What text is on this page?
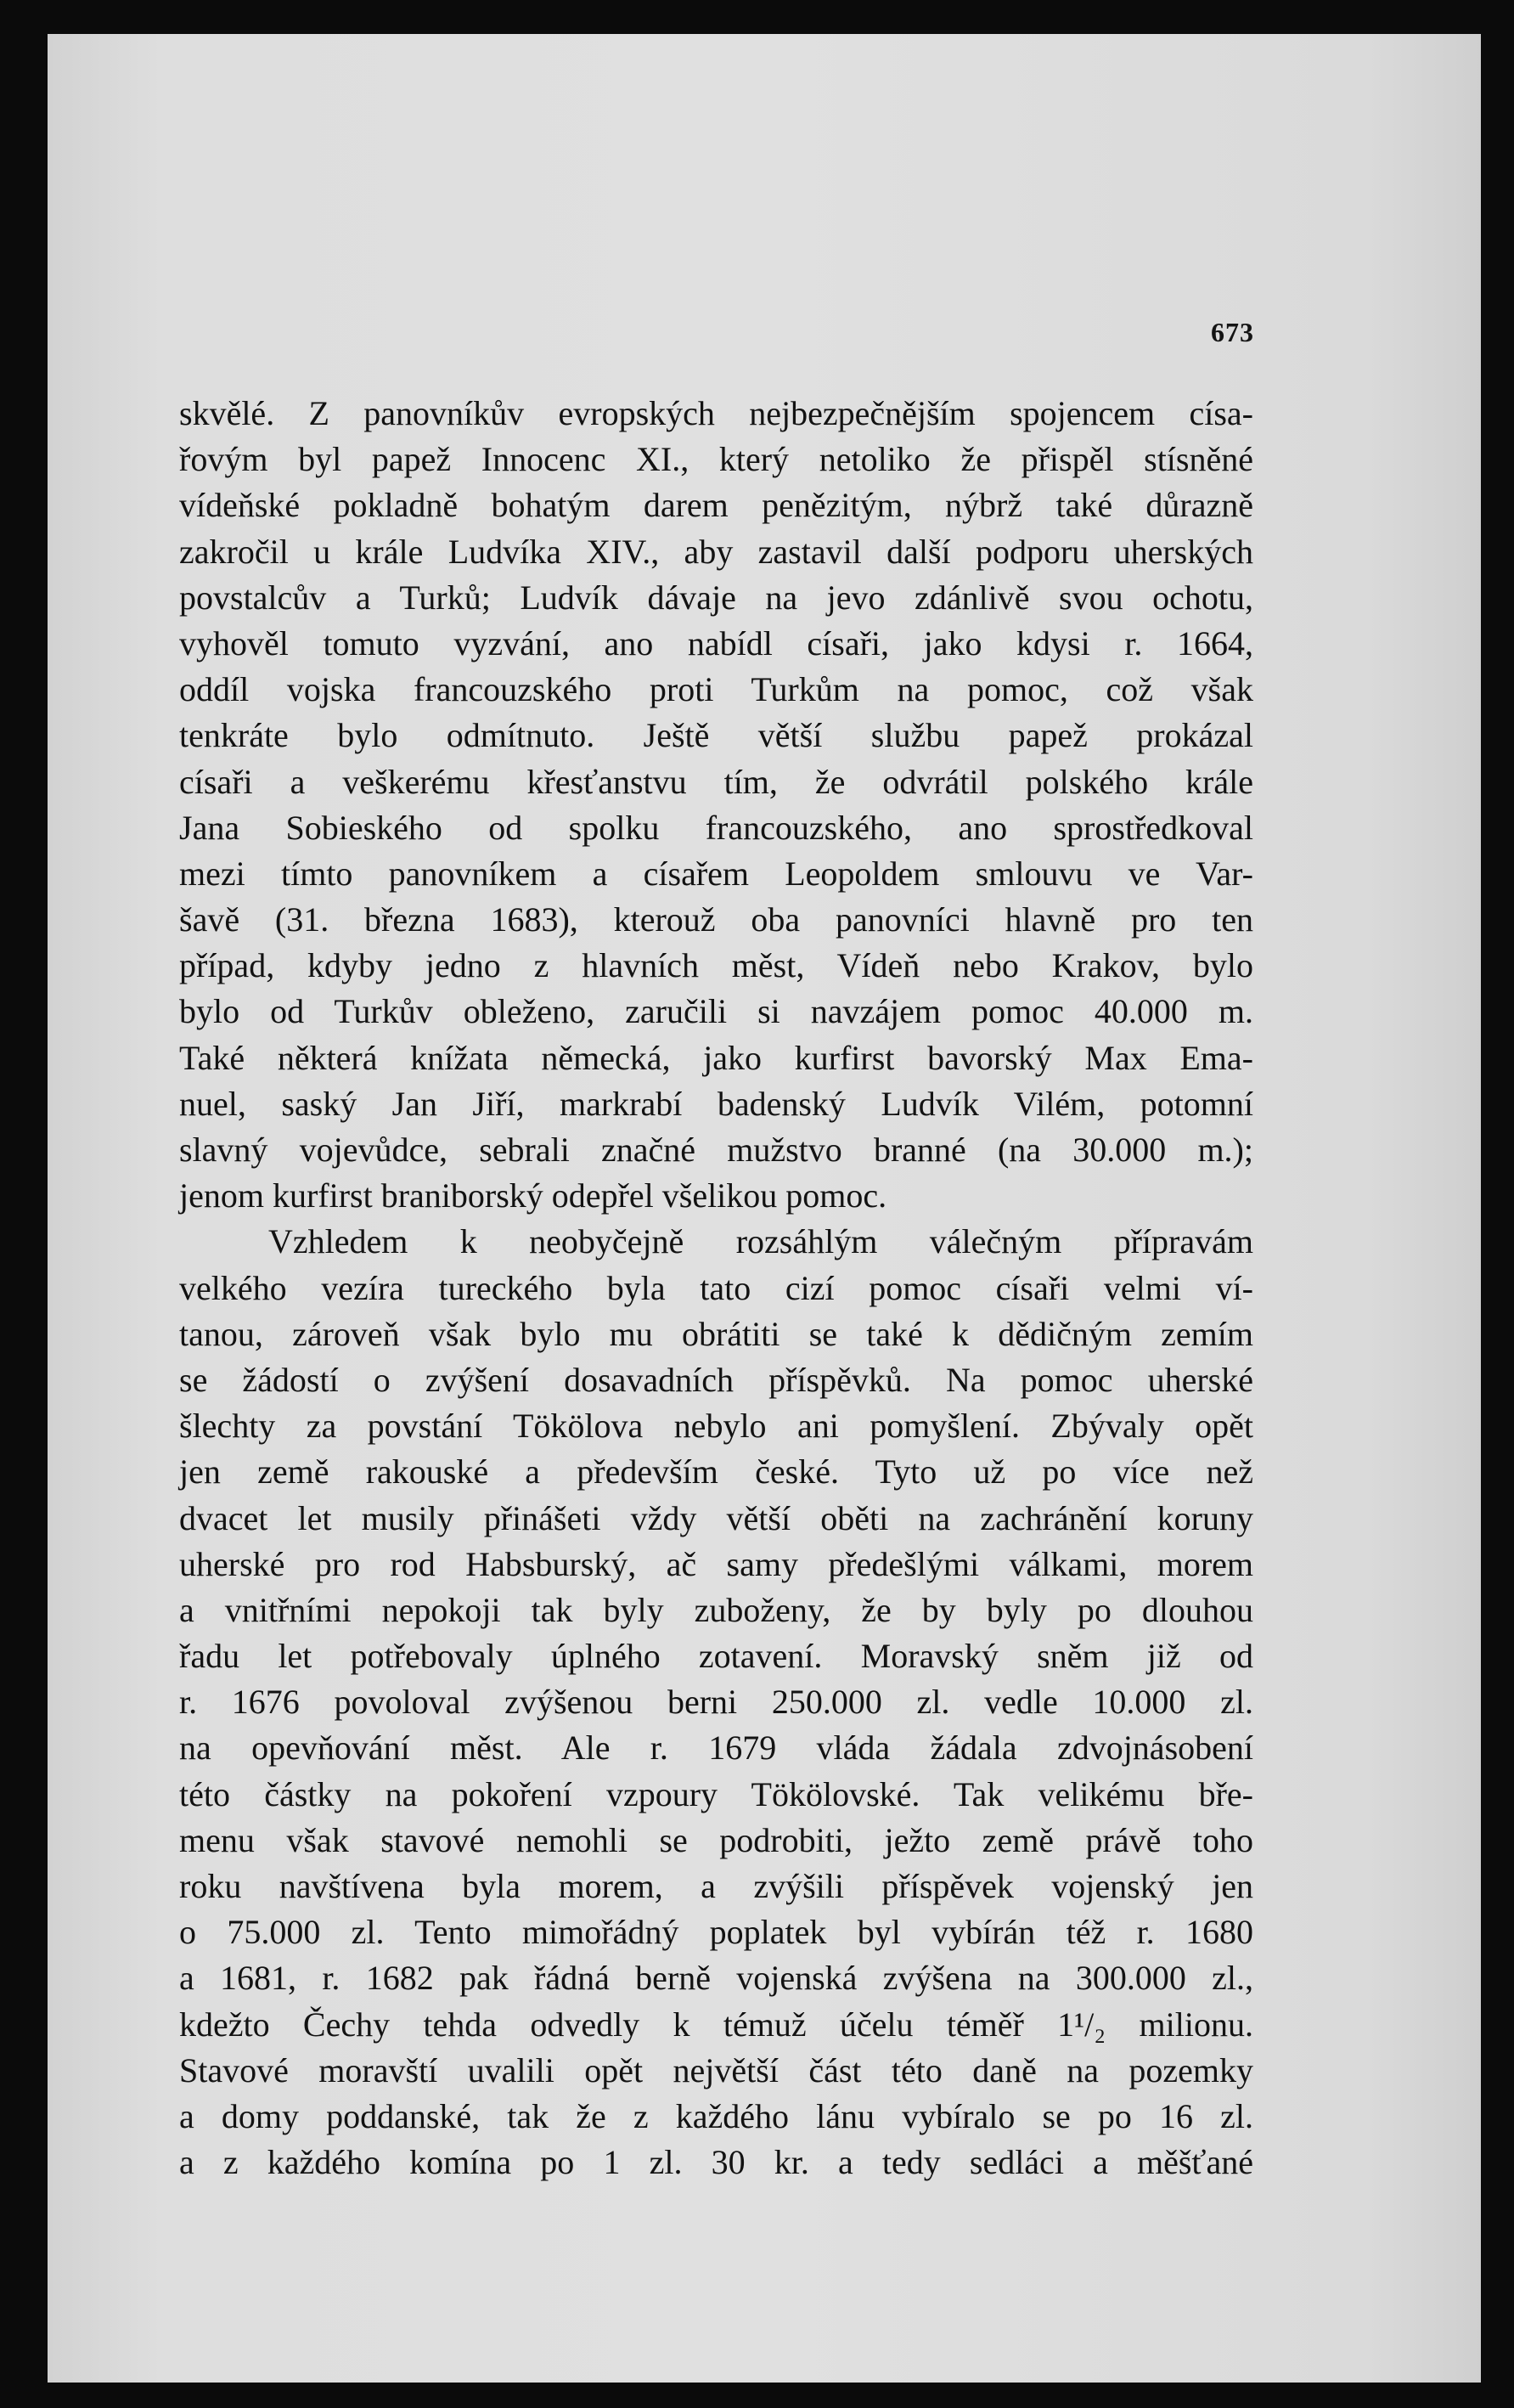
673
skvělé. Z panovníkův evropských nejbezpečnějším spojencem císa-
řovým byl papež Innocenc XI., který netoliko že přispěl stísněné
vídeňské pokladně bohatým darem penězitým, nýbrž také důrazně
zakročil u krále Ludvíka XIV., aby zastavil další podporu uherských
povstalcův a Turků; Ludvík dávaje na jevo zdánlivě svou ochotu,
vyhověl tomuto vyzvání, ano nabídl císaři, jako kdysi r. 1664,
oddíl vojska francouzského proti Turkům na pomoc, což však
tenkráte bylo odmítnuto. Ještě větší službu papež prokázal
císaři a veškerému křesťanstvu tím, že odvrátil polského krále
Jana Sobieského od spolku francouzského, ano sprostředkoval
mezi tímto panovníkem a císařem Leopoldem smlouvu ve Var-
šavě (31. března 1683), kterouž oba panovníci hlavně pro ten
případ, kdyby jedno z hlavních měst, Vídeň nebo Krakov, bylo
bylo od Turkův obleženo, zaručili si navzájem pomoc 40.000 m.
Také některá knížata německá, jako kurfirst bavorský Max Ema-
nuel, saský Jan Jiří, markrabí badenský Ludvík Vilém, potomní
slavný vojevůdce, sebrali značné mužstvo branné (na 30.000 m.);
jenom kurfirst braniborský odepřel všelikou pomoc.
Vzhledem k neobyčejně rozsáhlým válečným přípravám
velkého vezíra tureckého byla tato cizí pomoc císaři velmi ví-
tanou, zároveň však bylo mu obrátiti se také k dědičným zemím
se žádostí o zvýšení dosavadních příspěvků. Na pomoc uherské
šlechty za povstání Tökölova nebylo ani pomyšlení. Zbývaly opět
jen země rakouské a především české. Tyto už po více než
dvacet let musily přinášeti vždy větší oběti na zachránění koruny
uherské pro rod Habsburský, ač samy předešlými válkami, morem
a vnitřními nepokoji tak byly zuboženy, že by byly po dlouhou
řadu let potřebovaly úplného zotavení. Moravský sněm již od
r. 1676 povoloval zvýšenou berni 250.000 zl. vedle 10.000 zl.
na opevňování měst. Ale r. 1679 vláda žádala zdvojnásobení
této částky na pokoření vzpoury Tökölovské. Tak velikému bře-
menu však stavové nemohli se podrobiti, ježto země právě toho
roku navštívena byla morem, a zvýšili příspěvek vojenský jen
o 75.000 zl. Tento mimořádný poplatek byl vybírán též r. 1680
a 1681, r. 1682 pak řádná berně vojenská zvýšena na 300.000 zl.,
kdežto Čechy tehda odvedly k témuž účelu téměř 1¹/₂ milionu.
Stavové moravští uvalili opět největší část této daně na pozemky
a domy poddanské, tak že z každého lánu vybíralo se po 16 zl.
a z každého komína po 1 zl. 30 kr. a tedy sedláci a měšťané
